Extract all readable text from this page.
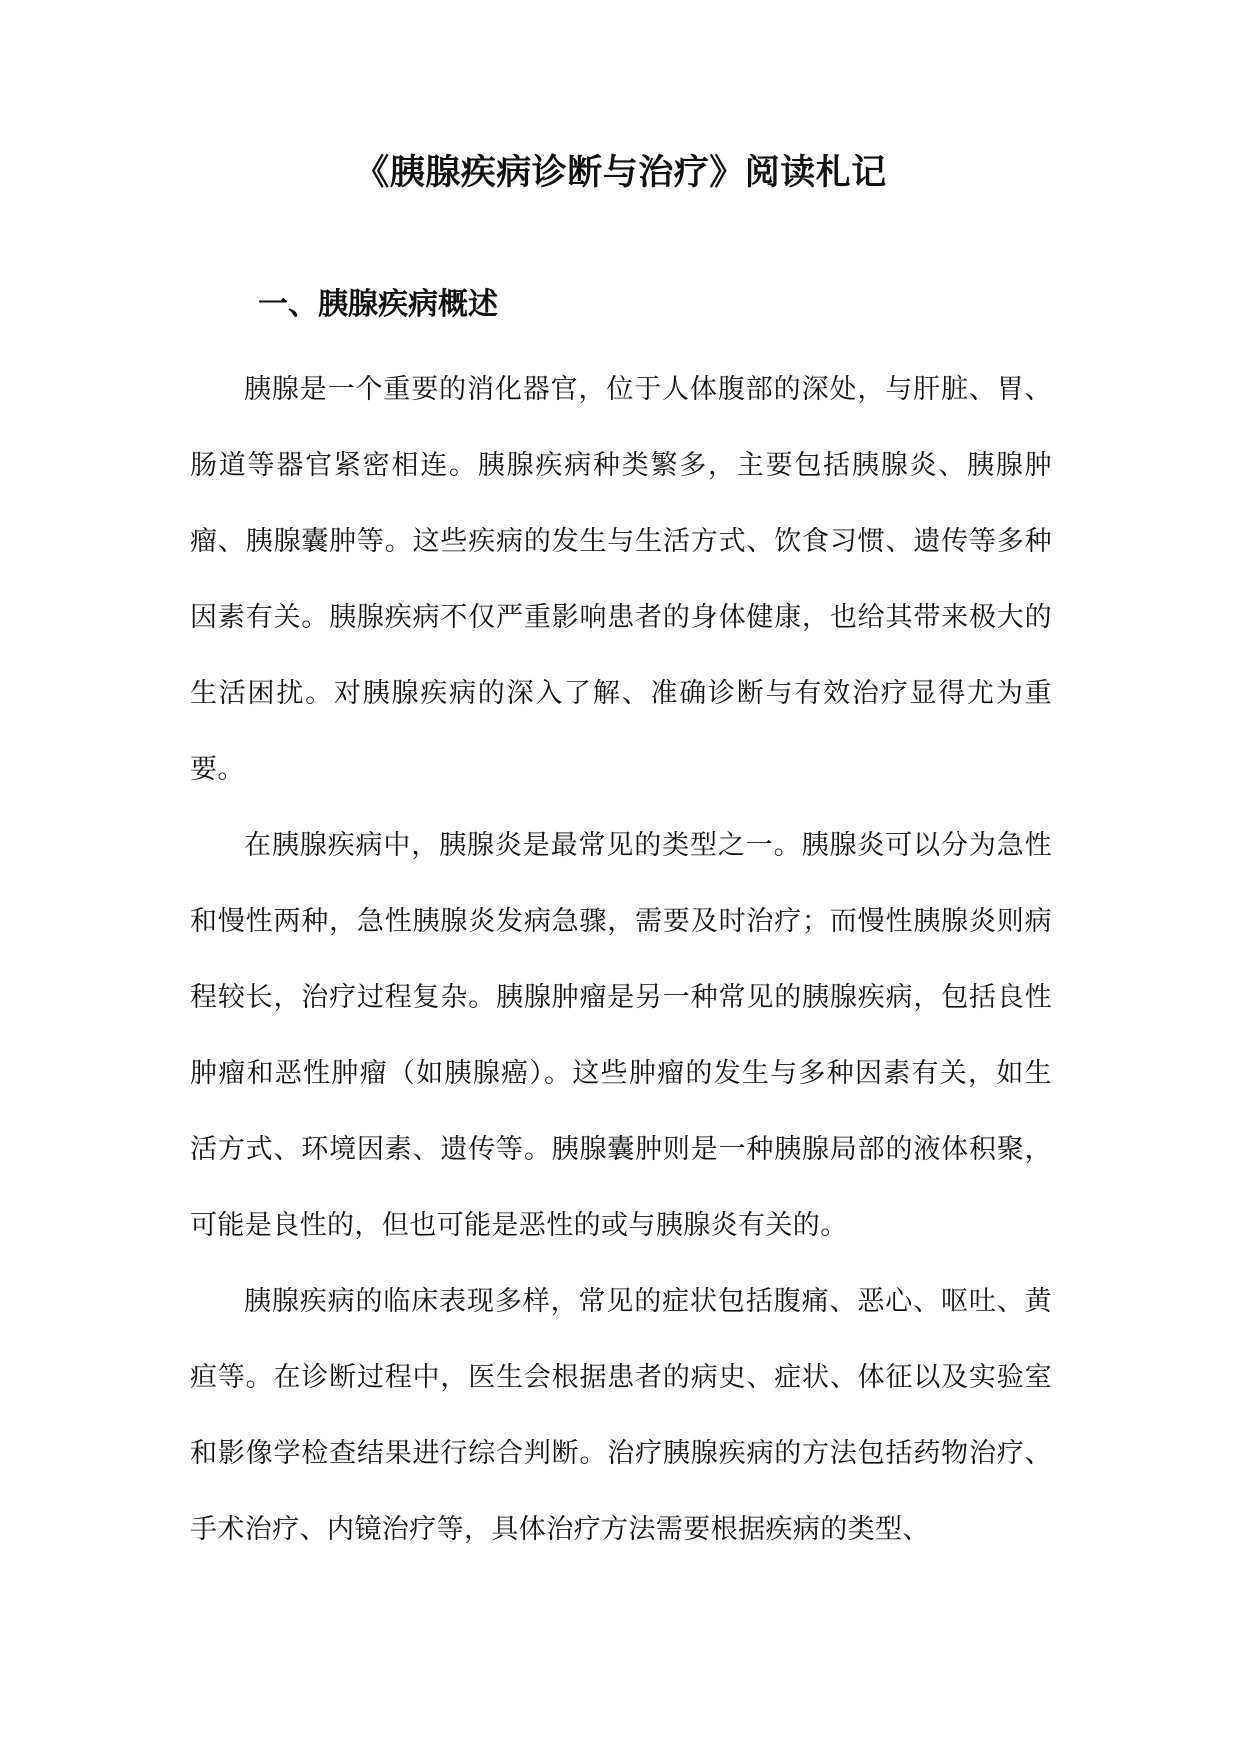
《胰腺疾病诊断与治疗》阅读札记
一、胰腺疾病概述

胰腺是一个重要的消化器官，位于人体腹部的深处，与肝脏、胃、肠道等器官紧密相连。胰腺疾病种类繁多，主要包括胰腺炎、胰腺肿瘤、胰腺囊肿等。这些疾病的发生与生活方式、饮食习惯、遗传等多种因素有关。胰腺疾病不仅严重影响患者的身体健康，也给其带来极大的生活困扰。对胰腺疾病的深入了解、准确诊断与有效治疗显得尤为重要。

在胰腺疾病中，胰腺炎是最常见的类型之一。胰腺炎可以分为急性和慢性两种，急性胰腺炎发病急骤，需要及时治疗；而慢性胰腺炎则病程较长，治疗过程复杂。胰腺肿瘤是另一种常见的胰腺疾病，包括良性肿瘤和恶性肿瘤（如胰腺癌）。这些肿瘤的发生与多种因素有关，如生活方式、环境因素、遗传等。胰腺囊肿则是一种胰腺局部的液体积聚，可能是良性的，但也可能是恶性的或与胰腺炎有关的。

胰腺疾病的临床表现多样，常见的症状包括腹痛、恶心、呕吐、黄疸等。在诊断过程中，医生会根据患者的病史、症状、体征以及实验室和影像学检查结果进行综合判断。治疗胰腺疾病的方法包括药物治疗、手术治疗、内镜治疗等，具体治疗方法需要根据疾病的类型、
